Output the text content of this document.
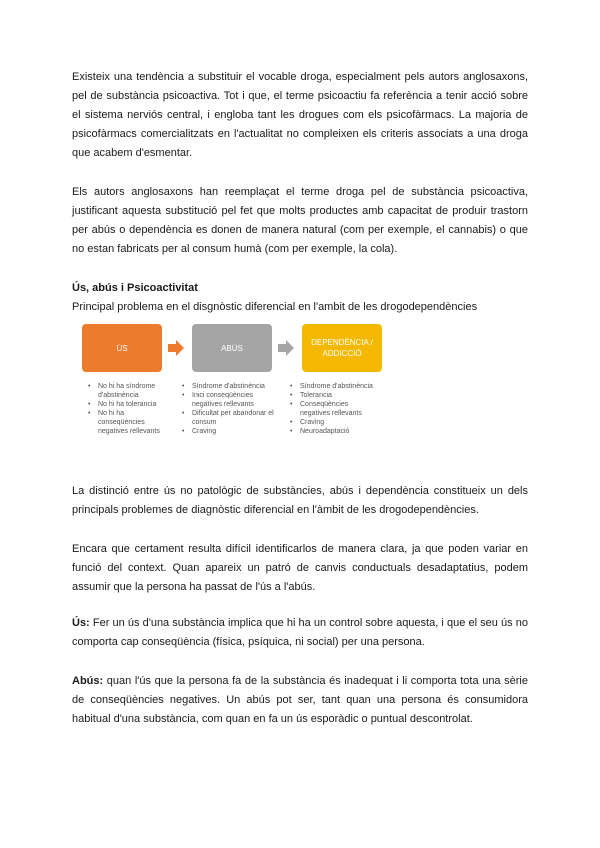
Existeix una tendència a substituir el vocable droga, especialment pels autors anglosaxons, pel de substància psicoactiva. Tot i que, el terme psicoactiu fa referència a tenir acció sobre el sistema nerviós central, i engloba tant les drogues com els psicofàrmacs. La majoria de psicofàrmacs comercialitzats en l'actualitat no compleixen els criteris associats a una droga que acabem d'esmentar.

Els autors anglosaxons han reemplaçat el terme droga pel de substància psicoactiva, justificant aquesta substitució pel fet que molts productes amb capacitat de produir trastorn per abús o dependència es donen de manera natural (com per exemple, el cannabis) o que no estan fabricats per al consum humà (com per exemple, la cola).

Ús, abús i Psicoactivitat

Principal problema en el disgnòstic diferencial en l'ambit de les drogodependències

ÚS	ABÚS
DEPENDÈNCIA / ADDICCIÓ
• No hi ha síndrome d'abstinència
• No hi ha tolerancia
• No hi ha conseqüències negatives rellevants
• Síndrome d'abstinència
• Inici conseqüències negatives rellevants
• Dificultat per abandonar el consum
• Craving
• Síndrome d'abstinència
• Tolerancia
• Conseqüències negatives rellevants
• Craving
• Neuroadaptació

La distinció entre ús no patològic de substàncies, abús i dependència constitueix un dels principals problemes de diagnòstic diferencial en l'àmbit de les drogodependències.

Encara que certament resulta difícil identificarlos de manera clara, ja que poden variar en funció del context. Quan apareix un patró de canvis conductuals desadaptatius, podem assumir que la persona ha passat de l'ús a l'abús.

Ús: Fer un ús d'una substància implica que hi ha un control sobre aquesta, i que el seu ús no comporta cap conseqüència (física, psíquica, ni social) per una persona.

Abús: quan l'ús que la persona fa de la substància és inadequat i li comporta tota una sèrie de conseqüències negatives. Un abús pot ser, tant quan una persona és consumidora habitual d'una substància, com quan en fa un ús esporàdic o puntual descontrolat.
